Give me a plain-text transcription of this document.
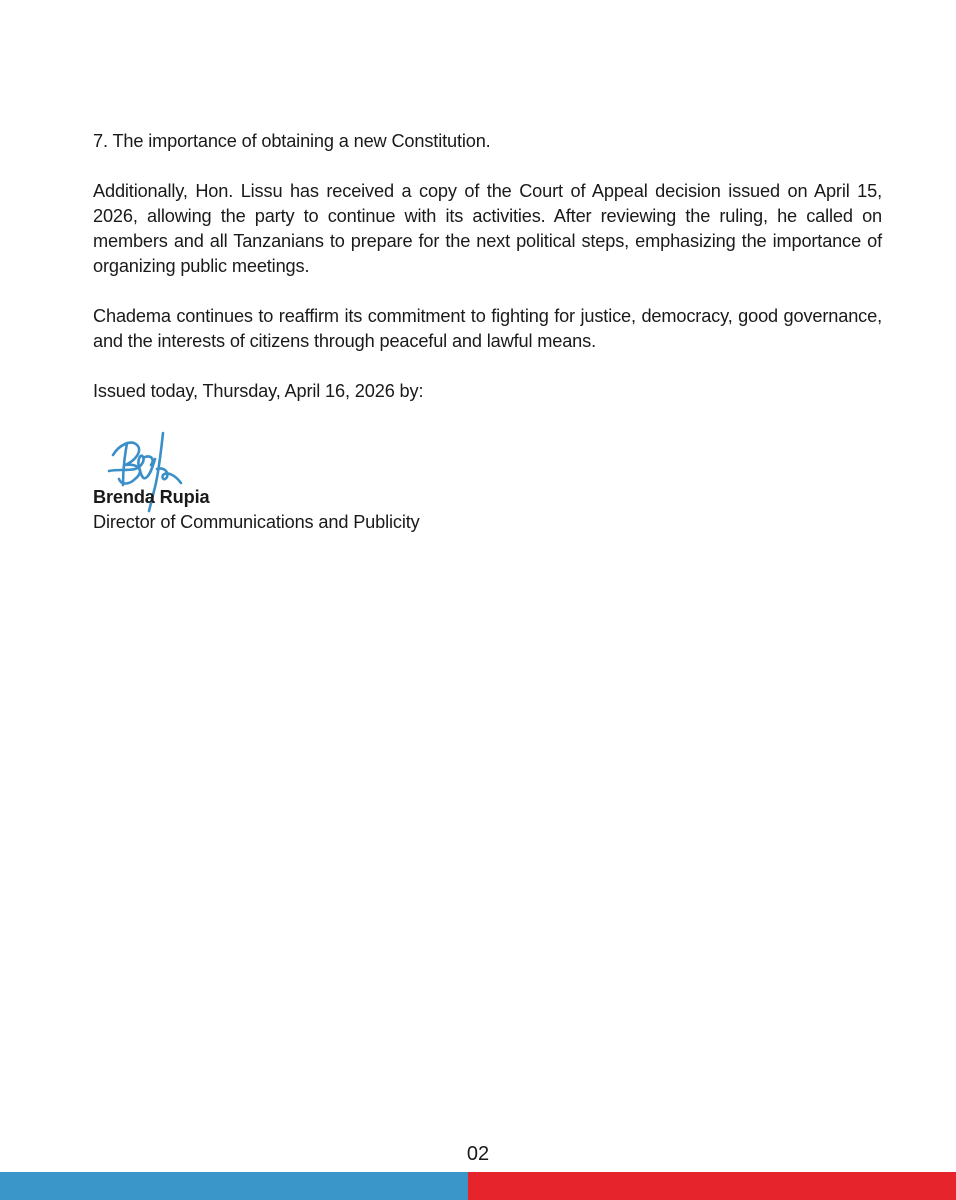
7. The importance of obtaining a new Constitution.

Additionally, Hon. Lissu has received a copy of the Court of Appeal decision issued on April 15, 2026, allowing the party to continue with its activities. After reviewing the ruling, he called on members and all Tanzanians to prepare for the next political steps, emphasizing the importance of organizing public meetings.

Chadema continues to reaffirm its commitment to fighting for justice, democracy, good governance, and the interests of citizens through peaceful and lawful means.

Issued today, Thursday, April 16, 2026 by:

Brenda Rupia
Director of Communications and Publicity
02
